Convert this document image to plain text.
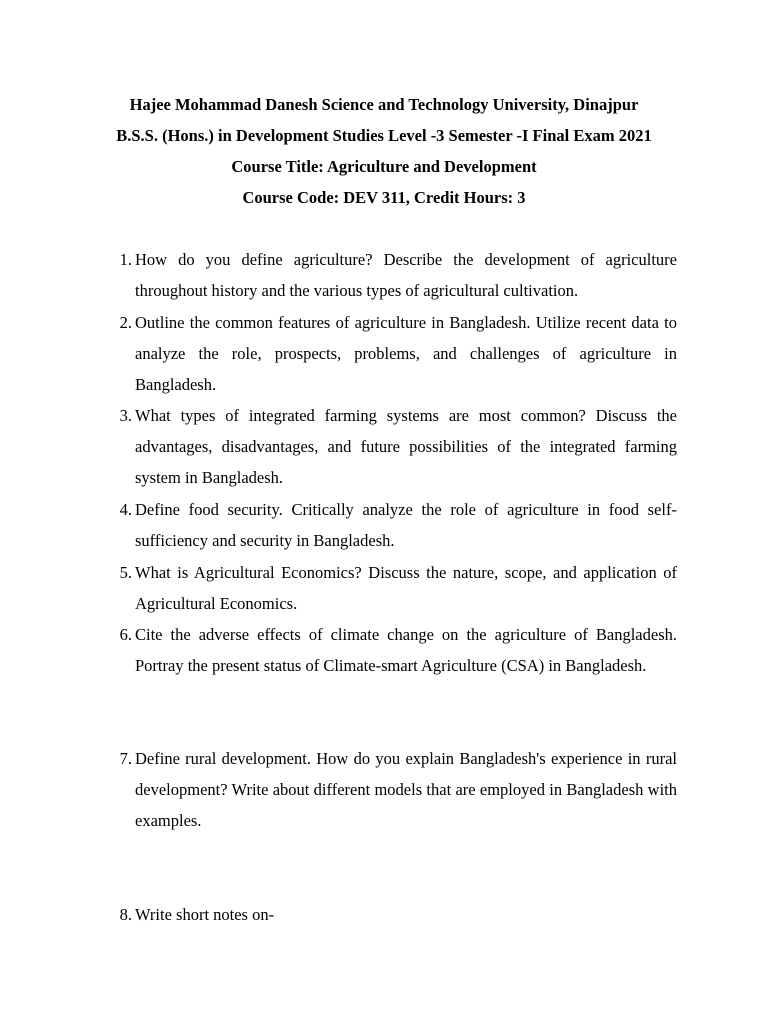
Hajee Mohammad Danesh Science and Technology University, Dinajpur
B.S.S. (Hons.) in Development Studies Level -3 Semester -I Final Exam 2021
Course Title: Agriculture and Development
Course Code: DEV 311, Credit Hours: 3
1. How do you define agriculture? Describe the development of agriculture throughout history and the various types of agricultural cultivation.
2. Outline the common features of agriculture in Bangladesh. Utilize recent data to analyze the role, prospects, problems, and challenges of agriculture in Bangladesh.
3. What types of integrated farming systems are most common? Discuss the advantages, disadvantages, and future possibilities of the integrated farming system in Bangladesh.
4. Define food security. Critically analyze the role of agriculture in food self-sufficiency and security in Bangladesh.
5. What is Agricultural Economics? Discuss the nature, scope, and application of Agricultural Economics.
6. Cite the adverse effects of climate change on the agriculture of Bangladesh. Portray the present status of Climate-smart Agriculture (CSA) in Bangladesh.
7. Define rural development. How do you explain Bangladesh's experience in rural development? Write about different models that are employed in Bangladesh with examples.
8. Write short notes on-
